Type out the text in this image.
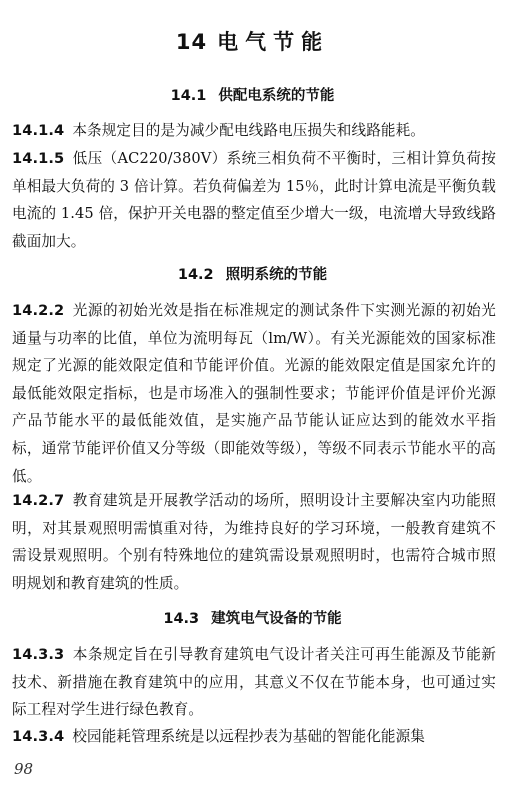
14 电气节能
14.1 供配电系统的节能
14.1.4 本条规定目的是为减少配电线路电压损失和线路能耗。
14.1.5 低压（AC220/380V）系统三相负荷不平衡时，三相计算负荷按单相最大负荷的 3 倍计算。若负荷偏差为 15％，此时计算电流是平衡负载电流的 1.45 倍，保护开关电器的整定值至少增大一级，电流增大导致线路截面加大。
14.2 照明系统的节能
14.2.2 光源的初始光效是指在标准规定的测试条件下实测光源的初始光通量与功率的比值，单位为流明每瓦（lm/W）。有关光源能效的国家标准规定了光源的能效限定值和节能评价值。光源的能效限定值是国家允许的最低能效限定指标，也是市场准入的强制性要求；节能评价值是评价光源产品节能水平的最低能效值，是实施产品节能认证应达到的能效水平指标，通常节能评价值又分等级（即能效等级），等级不同表示节能水平的高低。
14.2.7 教育建筑是开展教学活动的场所，照明设计主要解决室内功能照明，对其景观照明需慎重对待，为维持良好的学习环境，一般教育建筑不需设景观照明。个别有特殊地位的建筑需设景观照明时，也需符合城市照明规划和教育建筑的性质。
14.3 建筑电气设备的节能
14.3.3 本条规定旨在引导教育建筑电气设计者关注可再生能源及节能新技术、新措施在教育建筑中的应用，其意义不仅在节能本身，也可通过实际工程对学生进行绿色教育。
14.3.4 校园能耗管理系统是以远程抄表为基础的智能化能源集
98
